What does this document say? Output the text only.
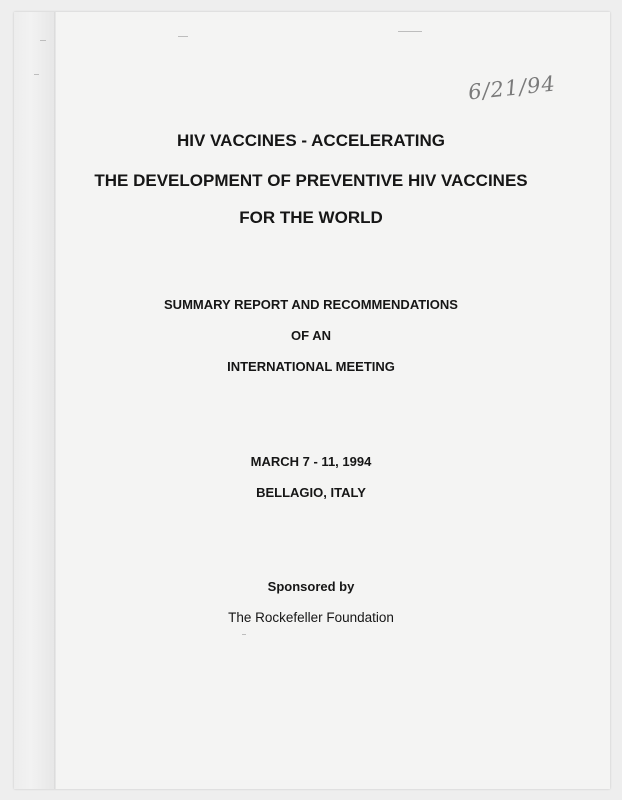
6/21/94
HIV VACCINES - ACCELERATING
THE DEVELOPMENT OF PREVENTIVE HIV VACCINES
FOR THE WORLD
SUMMARY REPORT AND RECOMMENDATIONS
OF AN
INTERNATIONAL MEETING
MARCH 7 - 11, 1994
BELLAGIO, ITALY
Sponsored by
The Rockefeller Foundation
